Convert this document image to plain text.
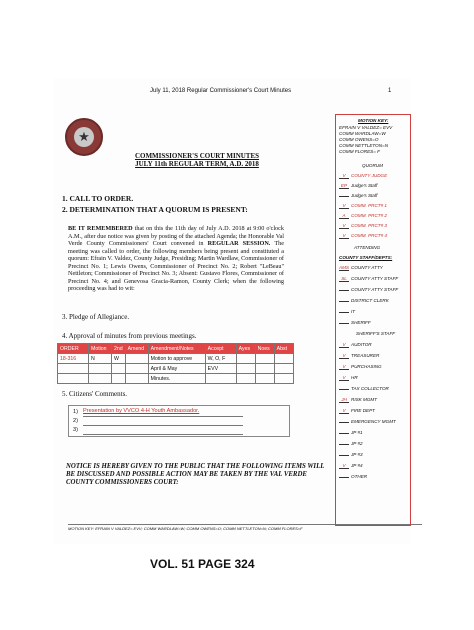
July 11, 2018 Regular Commissioner's Court Minutes	1
★
COMMISSIONER'S COURT MINUTES
JULY 11th REGULAR TERM, A.D. 2018
1. CALL TO ORDER.
2. DETERMINATION THAT A QUORUM IS PRESENT:
BE IT REMEMBERED that on this the 11th day of July A.D. 2018 at 9:00 o'clock A.M., after due notice was given by posting of the attached Agenda; the Honorable Val Verde County Commissioners' Court convened in REGULAR SESSION. The meeting was called to order, the following members being present and constituted a quorum: Efrain V. Valdez, County Judge, Presiding; Martin Wardlaw, Commissioner of Precinct No. 1; Lewis Owens, Commissioner of Precinct No. 2; Robert "LeBeau" Nettleton; Commissioner of Precinct No. 3; Absent: Gustavo Flores, Commissioner of Precinct No. 4; and Genevosa Gracia-Ramon, County Clerk; when the following proceeding was had to wit:
3. Pledge of Allegiance.
4. Approval of minutes from previous meetings.
ORDER	Motion	2nd	Amend	Amendment/Notes	Accept	Ayes	Noes	Abst
18-316	N	W		Motion to approve	W, O, F			
				April & May	EVV			
				Minutes.				
5. Citizens' Comments.
1) Presentation by VVCO 4-H Youth Ambassador.
2)
3)
NOTICE IS HEREBY GIVEN TO THE PUBLIC THAT THE FOLLOWING ITEMS WILL BE DISCUSSED AND POSSIBLE ACTION MAY BE TAKEN BY THE VAL VERDE COUNTY COMMISSIONERS COURT:
MOTION KEY: EFRAIN V VALDEZ= EVV; COMM WARDLAW=W; COMM OWENS=O; COMM NETTLETON=N; COMM FLORES=F
VOL. 51 PAGE 324
MOTION KEY:
EFRAIN V VALDEZ= EVV
COMM WARDLAW=W
COMM OWENS=O
COMM NETTLETON=N
COMM FLORES= F
QUORUM
V COUNTY JUDGE
EP Judge's Staff
Judge's Staff
V COMM. PRCT# 1
A COMM. PRCT# 2
V COMM. PRCT# 3
V COMM. PRCT# 4
ATTENDING
COUNTY STAFF/DEPTS:
AMS COUNTY ATTY
SL COUNTY ATTY STAFF
COUNTY ATTY STAFF
DISTRICT CLERK
IT
SHERIFF
SHERIFF'S STAFF
V AUDITOR
V TREASURER
V PURCHASING
V HR
TAX COLLECTOR
JH RISK MGMT
V FIRE DEPT
EMERGENCY MGMT
JP #1
JP #2
JP #3
V JP #4
OTHER
